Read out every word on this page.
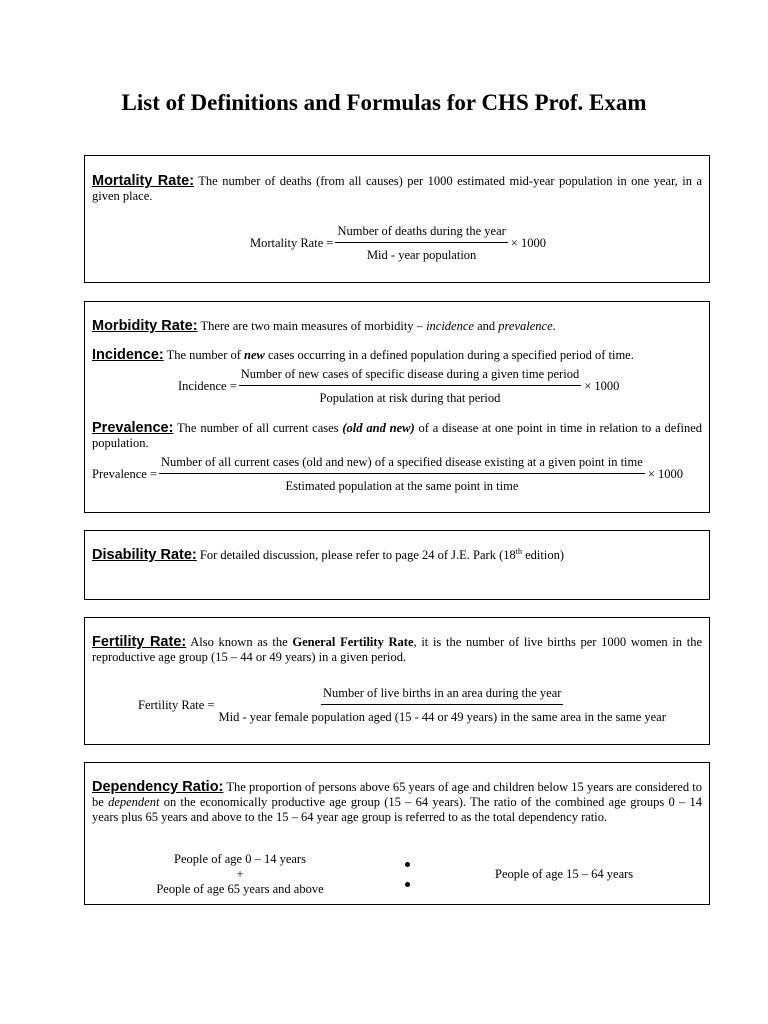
List of Definitions and Formulas for CHS Prof. Exam

Mortality Rate: The number of deaths (from all causes) per 1000 estimated mid-year population in one year, in a given place.

Mortality Rate = $\frac{\text{Number of deaths during the year}}{\text{Mid - year population}} \times 1000$

Morbidity Rate: There are two main measures of morbidity – incidence and prevalence.

Incidence: The number of new cases occurring in a defined population during a specified period of time.

Incidence =
Number of new cases of specific disease during a given time period
Population at risk during that period
× 1000

Prevalence: The number of all current cases (old and new) of a disease at one point in time in relation to a defined population.

Prevalence =
Number of all current cases (old and new) of a specified disease existing at a given point in time
Estimated population at the same point in time
× 1000

Disability Rate: For detailed discussion, please refer to page 24 of J.E. Park (18th edition)

Fertility Rate: Also known as the General Fertility Rate, it is the number of live births per 1000 women in the reproductive age group (15 – 44 or 49 years) in a given period.

Fertility Rate =
Number of live births in an area during the year
Mid - year female population aged (15 - 44 or 49 years) in the same area in the same year

Dependency Ratio: The proportion of persons above 65 years of age and children below 15 years are considered to be dependent on the economically productive age group (15 – 64 years). The ratio of the combined age groups 0 – 14 years plus 65 years and above to the 15 – 64 year age group is referred to as the total dependency ratio.

People of age 0 – 14 years
+
People of age 65 years and above
People of age 15 – 64 years
